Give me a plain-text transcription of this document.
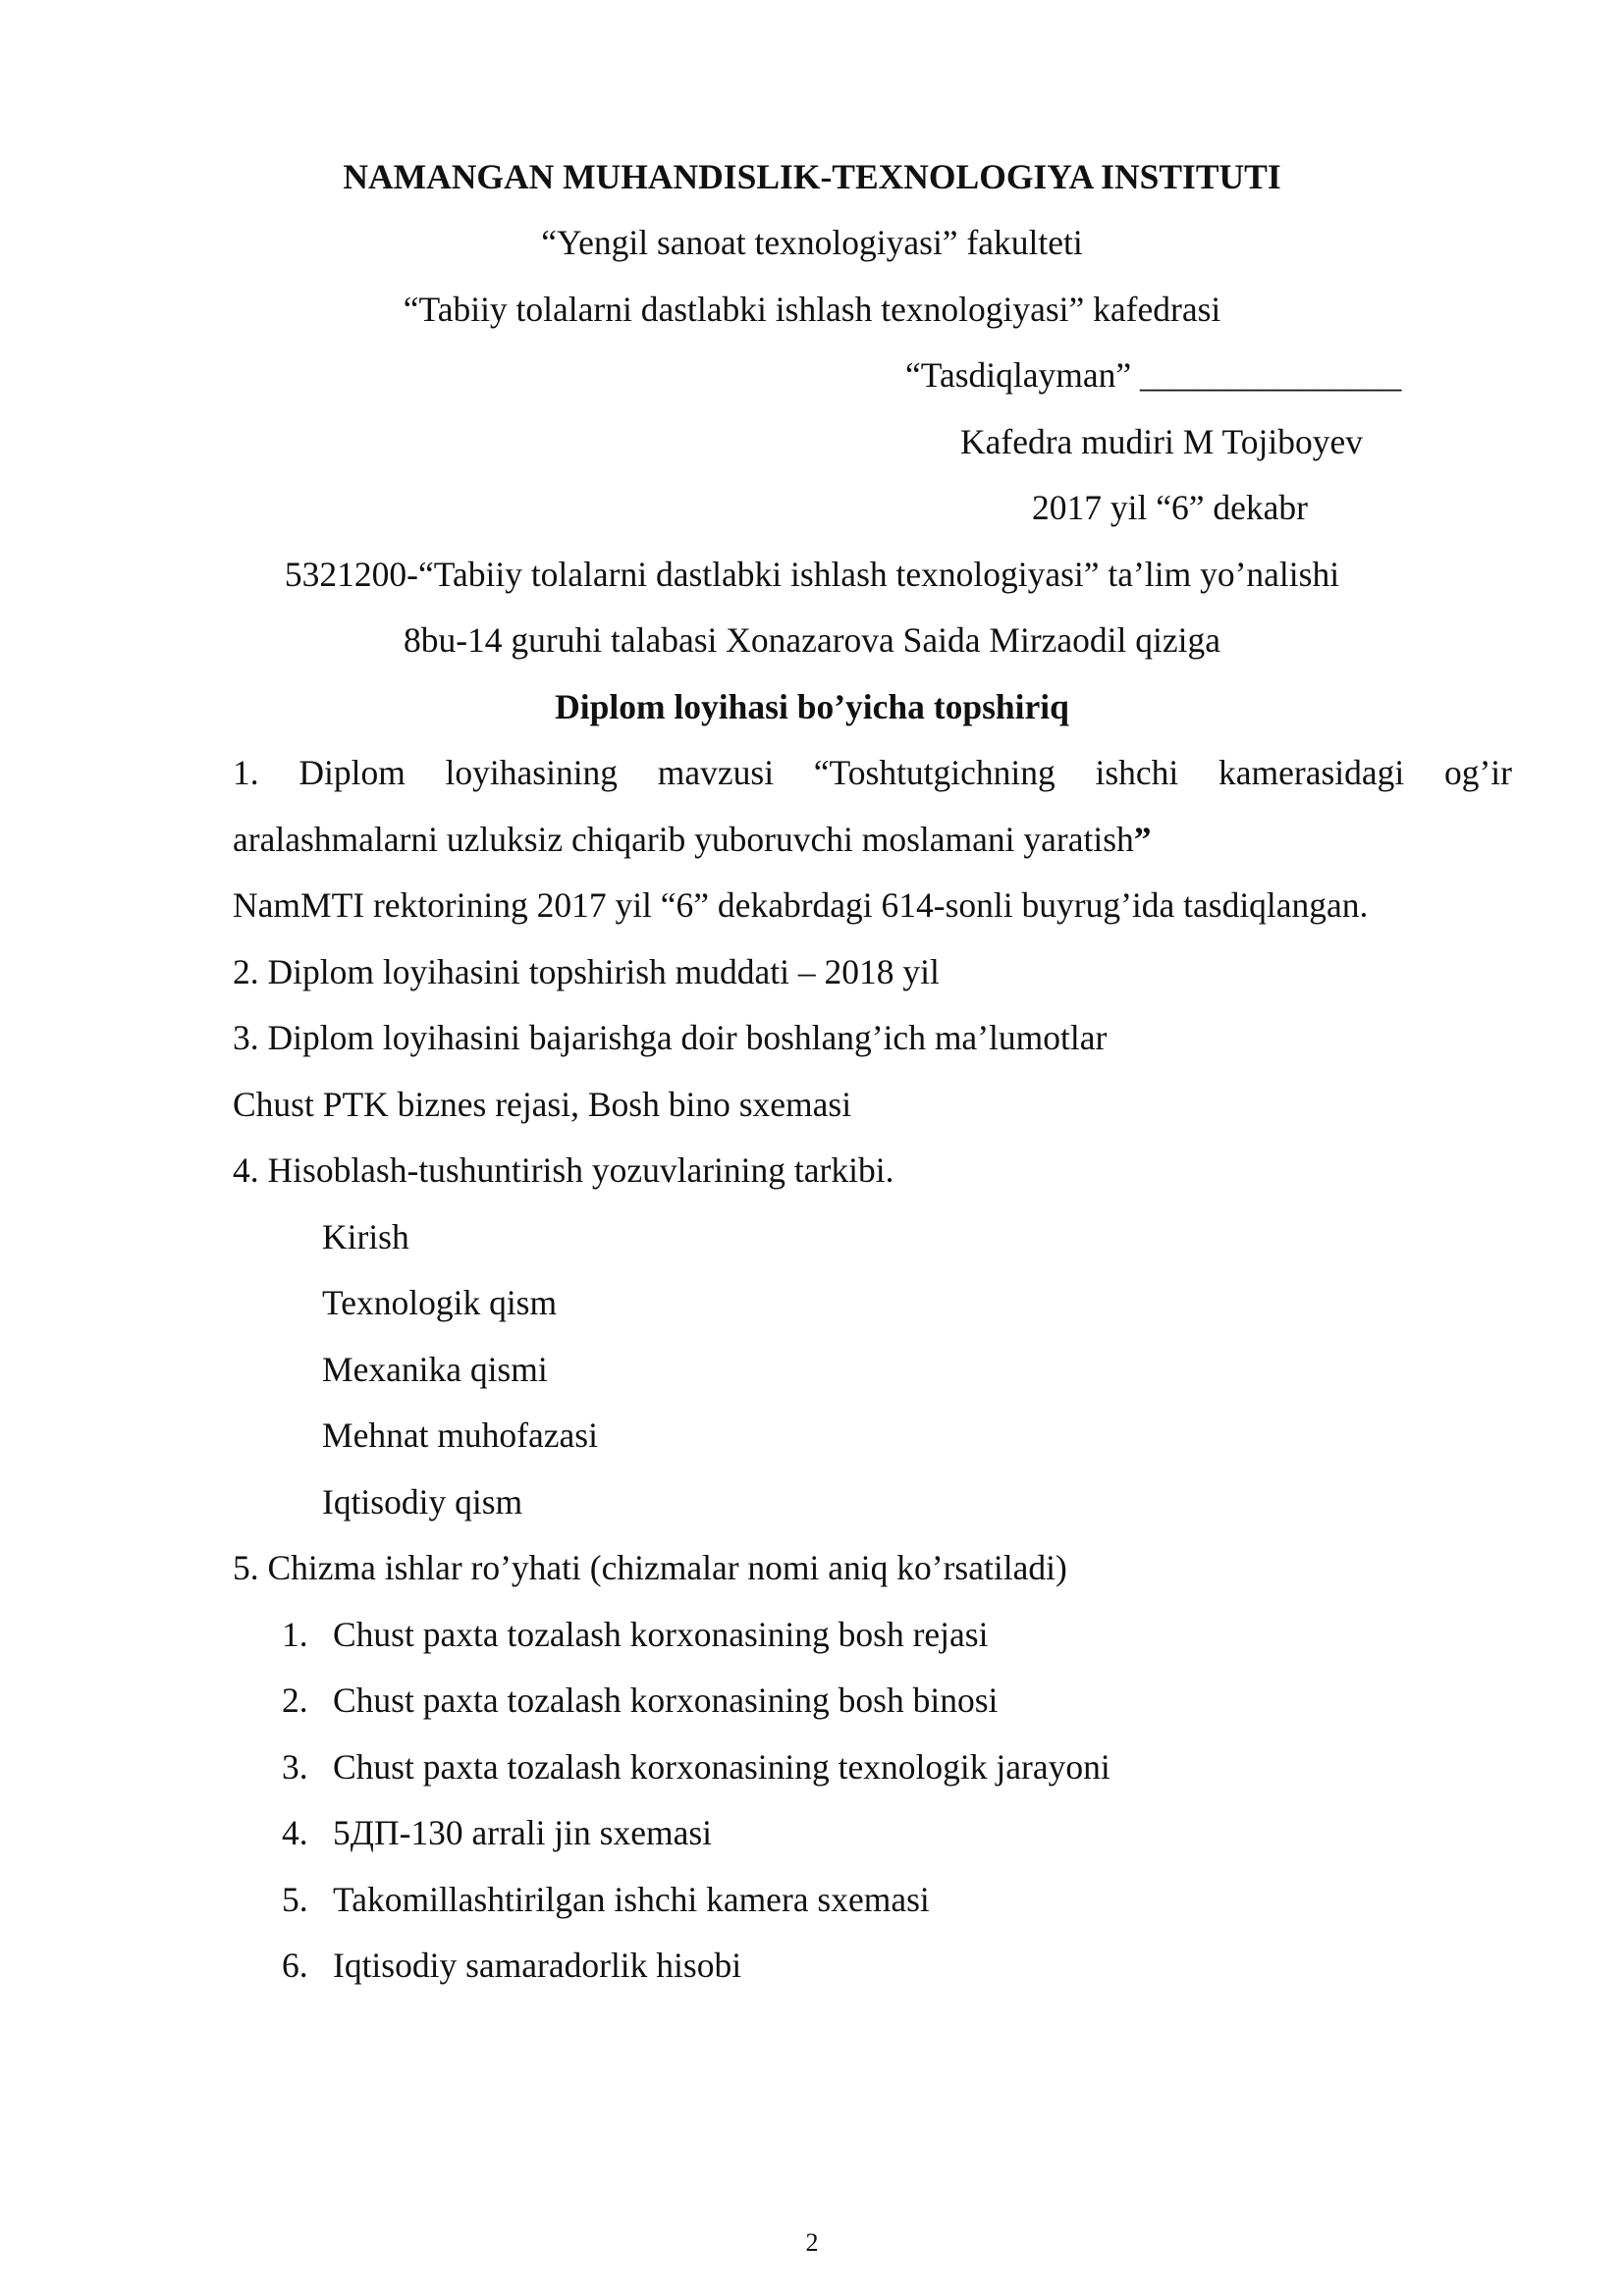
NAMANGAN MUHANDISLIK-TEXNOLOGIYA INSTITUTI
“Yengil sanoat texnologiyasi” fakulteti
“Tabiiy tolalarni dastlabki ishlash texnologiyasi” kafedrasi
“Tasdiqlayman” _______________
Kafedra mudiri M Tojiboyev
2017 yil “6” dekabr
5321200-“Tabiiy tolalarni dastlabki ishlash texnologiyasi” ta’lim yo’nalishi
8bu-14 guruhi talabasi Xonazarova Saida Mirzaodil qiziga
Diplom loyihasi bo’yicha topshiriq
1. Diplom loyihasining mavzusi “Toshtutgichning ishchi kamerasidagi og’ir
aralashmalarni uzluksiz chiqarib yuboruvchi moslamani yaratish”
NamMTI rektorining 2017 yil “6” dekabrdagi 614-sonli buyrug’ida tasdiqlangan.
2. Diplom loyihasini topshirish muddati – 2018 yil
3. Diplom loyihasini bajarishga doir boshlang’ich ma’lumotlar
Chust PTK biznes rejasi, Bosh bino sxemasi
4. Hisoblash-tushuntirish yozuvlarining tarkibi.
Kirish
Texnologik qism
Mexanika qismi
Mehnat muhofazasi
Iqtisodiy qism
5. Chizma ishlar ro’yhati (chizmalar nomi aniq ko’rsatiladi)
1. Chust paxta tozalash korxonasining bosh rejasi
2. Chust paxta tozalash korxonasining bosh binosi
3. Chust paxta tozalash korxonasining texnologik jarayoni
4. 5ДП-130 arrali jin sxemasi
5. Takomillashtirilgan ishchi kamera sxemasi
6. Iqtisodiy samaradorlik hisobi
2
